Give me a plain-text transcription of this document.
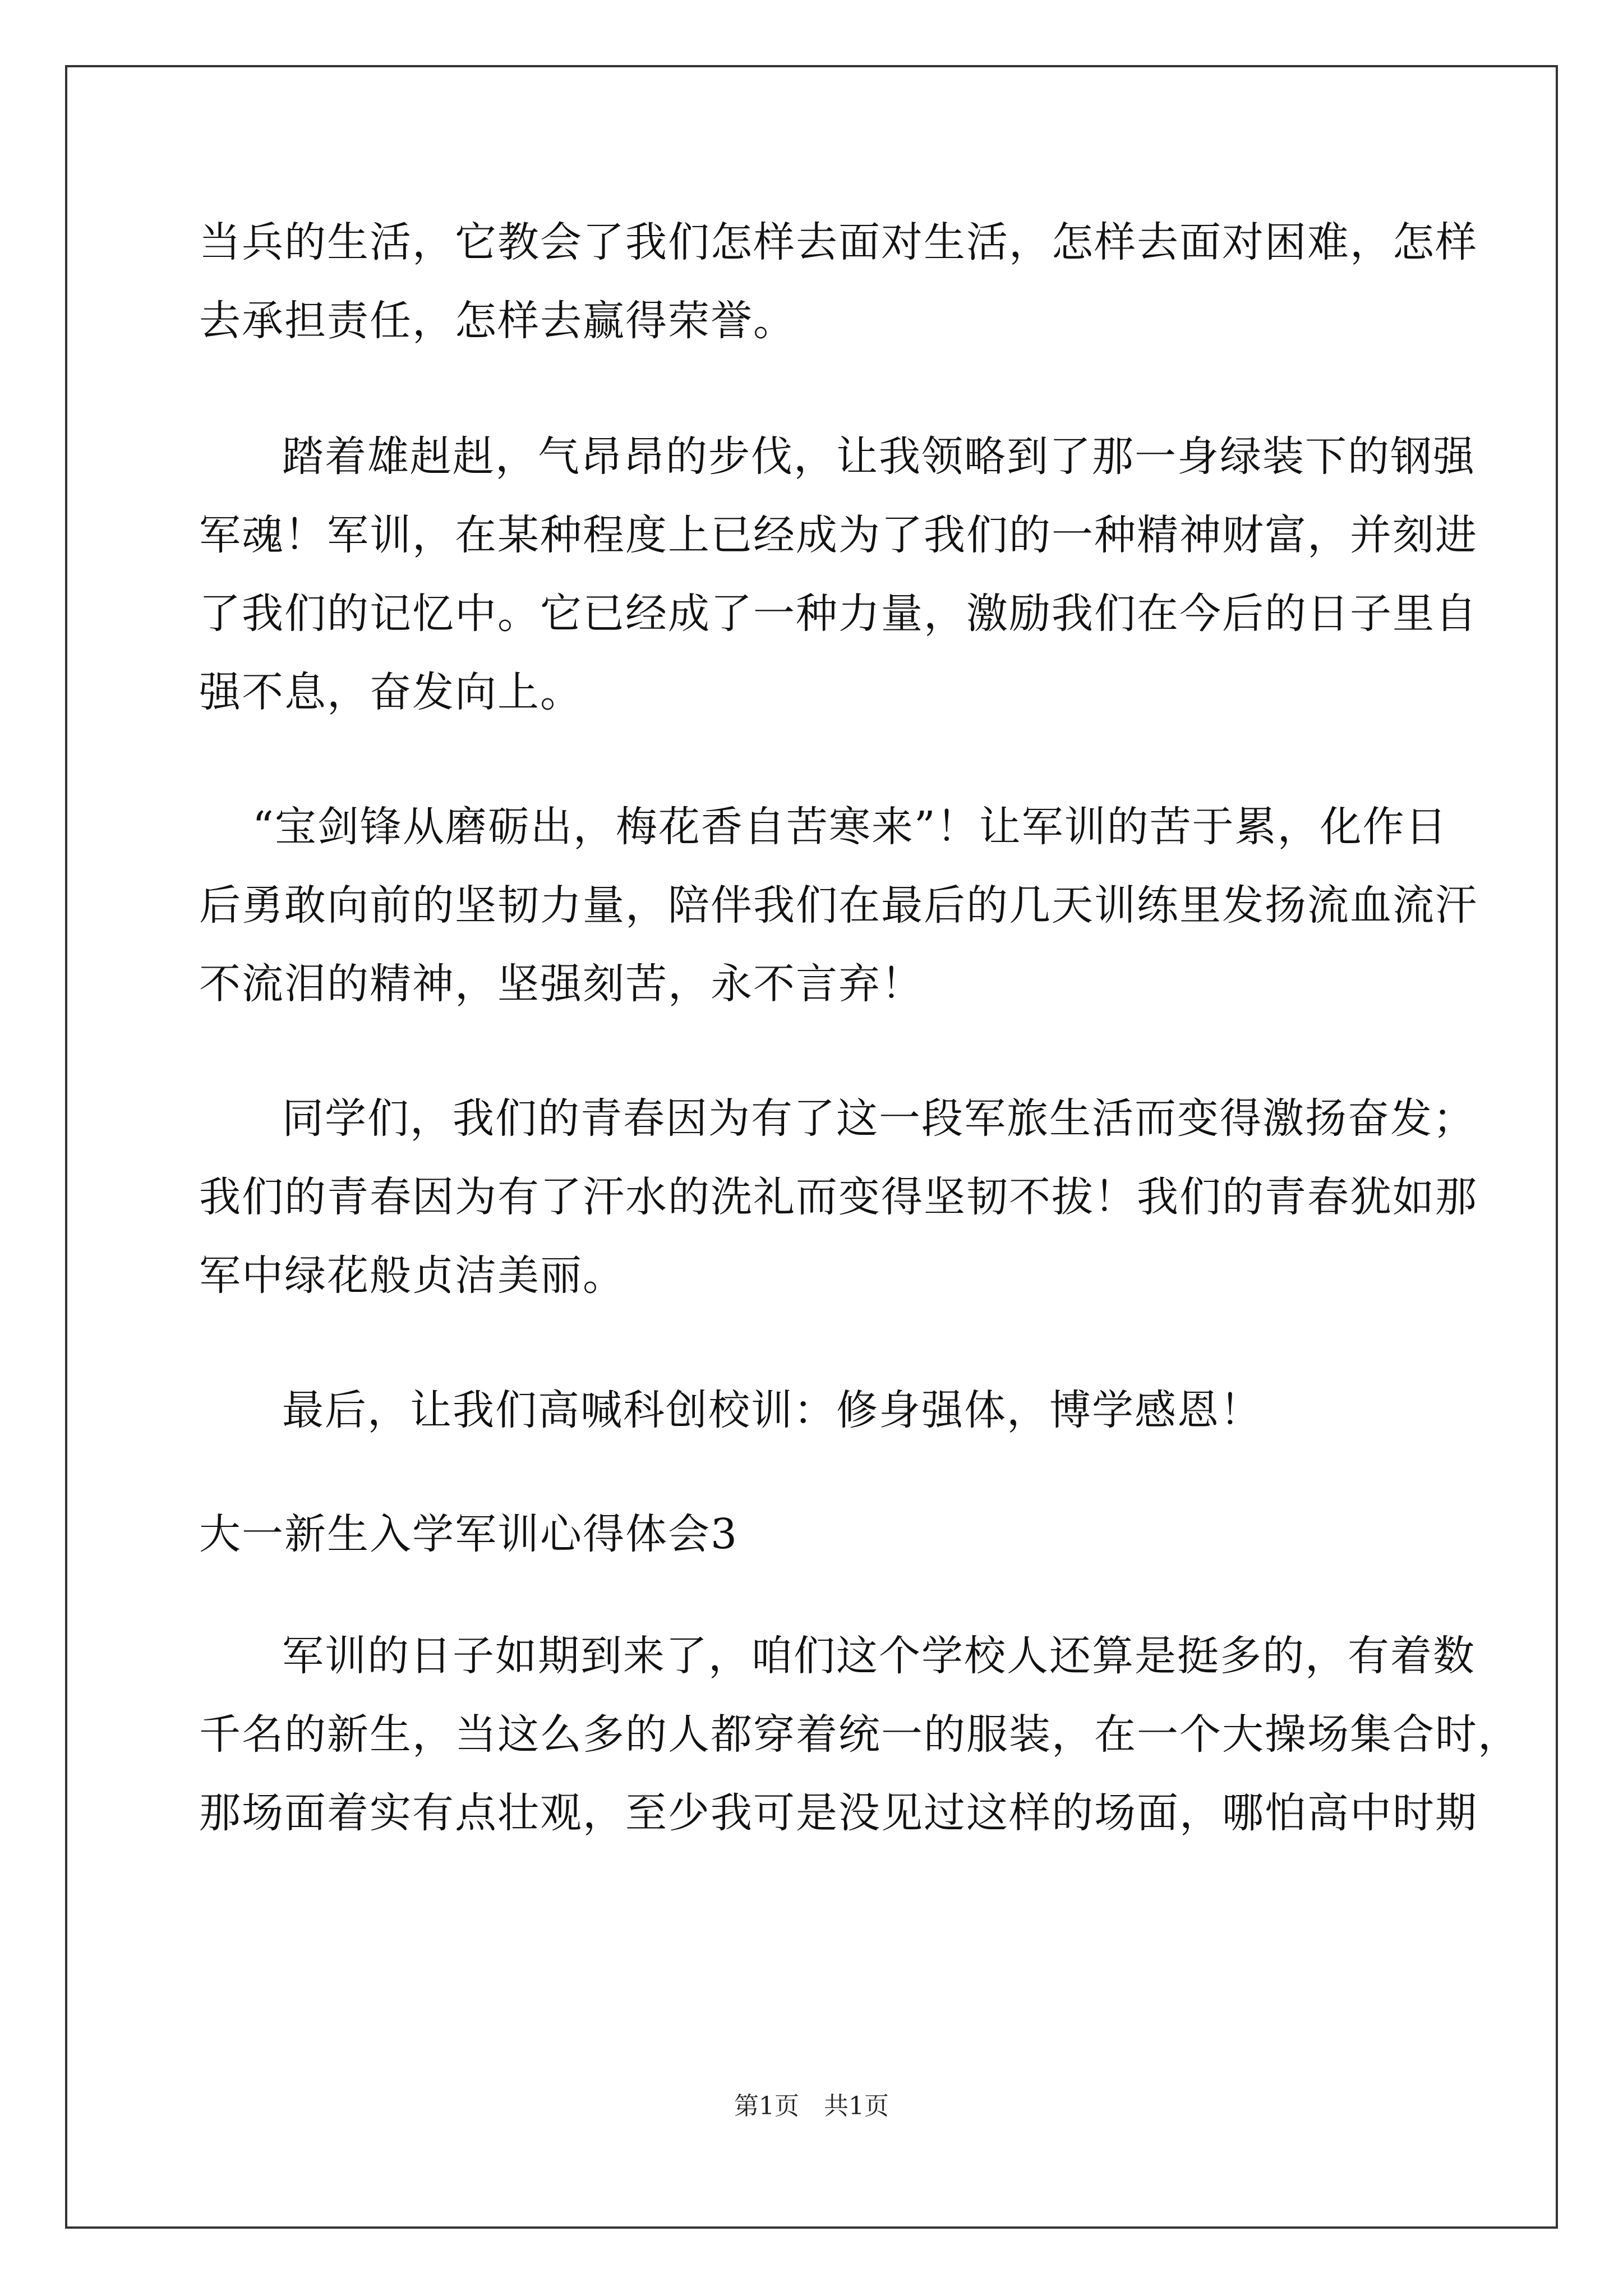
当兵的生活，它教会了我们怎样去面对生活，怎样去面对困难，怎样
去承担责任，怎样去赢得荣誉。
踏着雄赳赳，气昂昂的步伐，让我领略到了那一身绿装下的钢强
军魂！军训，在某种程度上已经成为了我们的一种精神财富，并刻进
了我们的记忆中。它已经成了一种力量，激励我们在今后的日子里自
强不息，奋发向上。
“宝剑锋从磨砺出，梅花香自苦寒来”！让军训的苦于累，化作日
后勇敢向前的坚韧力量，陪伴我们在最后的几天训练里发扬流血流汗
不流泪的精神，坚强刻苦，永不言弃！
同学们，我们的青春因为有了这一段军旅生活而变得激扬奋发；
我们的青春因为有了汗水的洗礼而变得坚韧不拔！我们的青春犹如那
军中绿花般贞洁美丽。
最后，让我们高喊科创校训：修身强体，博学感恩！
大一新生入学军训心得体会3
军训的日子如期到来了，咱们这个学校人还算是挺多的，有着数
千名的新生，当这么多的人都穿着统一的服装，在一个大操场集合时，
那场面着实有点壮观，至少我可是没见过这样的场面，哪怕高中时期
第1页　共1页
